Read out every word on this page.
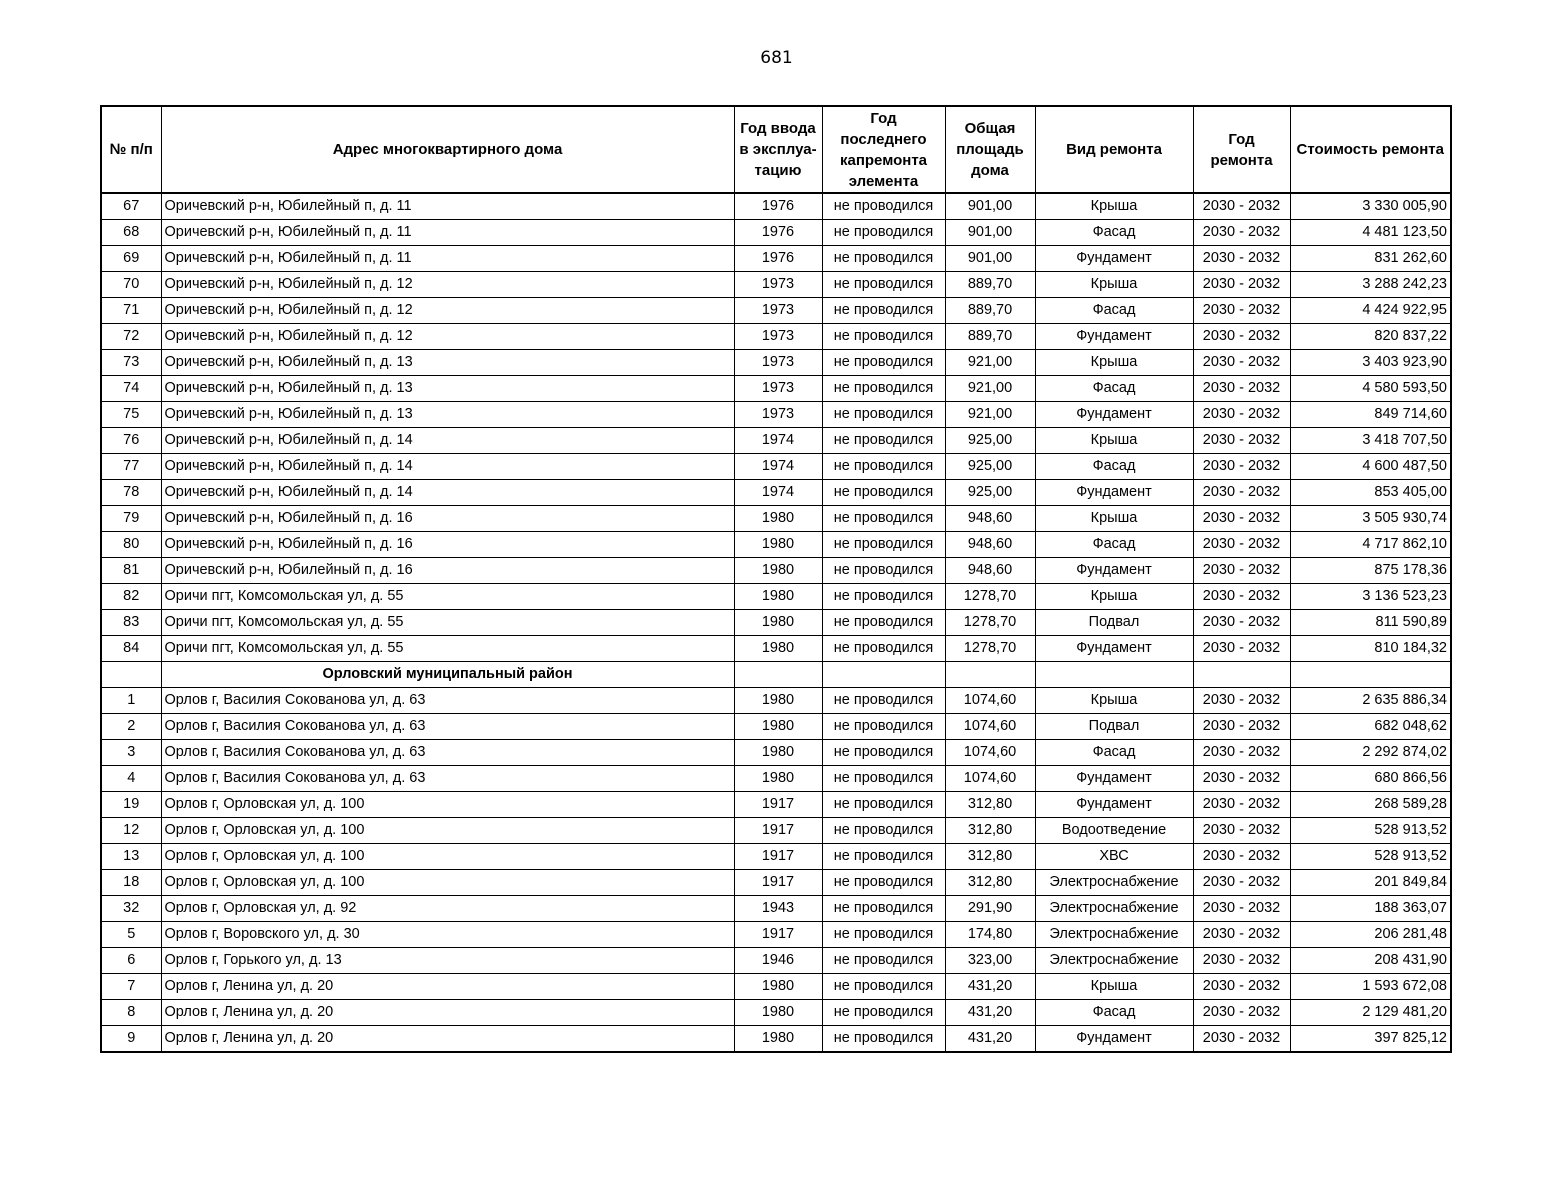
681
№ п/п	Адрес многоквартирного дома	Год ввода в эксплуа-тацию	Год последнего капремонта элемента	Общая площадь дома	Вид ремонта	Год ремонта	Стоимость ремонта
67	Оричевский р-н, Юбилейный п, д. 11	1976	не проводился	901,00	Крыша	2030 - 2032	3 330 005,90
68	Оричевский р-н, Юбилейный п, д. 11	1976	не проводился	901,00	Фасад	2030 - 2032	4 481 123,50
69	Оричевский р-н, Юбилейный п, д. 11	1976	не проводился	901,00	Фундамент	2030 - 2032	831 262,60
70	Оричевский р-н, Юбилейный п, д. 12	1973	не проводился	889,70	Крыша	2030 - 2032	3 288 242,23
71	Оричевский р-н, Юбилейный п, д. 12	1973	не проводился	889,70	Фасад	2030 - 2032	4 424 922,95
72	Оричевский р-н, Юбилейный п, д. 12	1973	не проводился	889,70	Фундамент	2030 - 2032	820 837,22
73	Оричевский р-н, Юбилейный п, д. 13	1973	не проводился	921,00	Крыша	2030 - 2032	3 403 923,90
74	Оричевский р-н, Юбилейный п, д. 13	1973	не проводился	921,00	Фасад	2030 - 2032	4 580 593,50
75	Оричевский р-н, Юбилейный п, д. 13	1973	не проводился	921,00	Фундамент	2030 - 2032	849 714,60
76	Оричевский р-н, Юбилейный п, д. 14	1974	не проводился	925,00	Крыша	2030 - 2032	3 418 707,50
77	Оричевский р-н, Юбилейный п, д. 14	1974	не проводился	925,00	Фасад	2030 - 2032	4 600 487,50
78	Оричевский р-н, Юбилейный п, д. 14	1974	не проводился	925,00	Фундамент	2030 - 2032	853 405,00
79	Оричевский р-н, Юбилейный п, д. 16	1980	не проводился	948,60	Крыша	2030 - 2032	3 505 930,74
80	Оричевский р-н, Юбилейный п, д. 16	1980	не проводился	948,60	Фасад	2030 - 2032	4 717 862,10
81	Оричевский р-н, Юбилейный п, д. 16	1980	не проводился	948,60	Фундамент	2030 - 2032	875 178,36
82	Оричи пгт, Комсомольская ул, д. 55	1980	не проводился	1278,70	Крыша	2030 - 2032	3 136 523,23
83	Оричи пгт, Комсомольская ул, д. 55	1980	не проводился	1278,70	Подвал	2030 - 2032	811 590,89
84	Оричи пгт, Комсомольская ул, д. 55	1980	не проводился	1278,70	Фундамент	2030 - 2032	810 184,32
	Орловский муниципальный район						
1	Орлов г, Василия Сокованова ул, д. 63	1980	не проводился	1074,60	Крыша	2030 - 2032	2 635 886,34
2	Орлов г, Василия Сокованова ул, д. 63	1980	не проводился	1074,60	Подвал	2030 - 2032	682 048,62
3	Орлов г, Василия Сокованова ул, д. 63	1980	не проводился	1074,60	Фасад	2030 - 2032	2 292 874,02
4	Орлов г, Василия Сокованова ул, д. 63	1980	не проводился	1074,60	Фундамент	2030 - 2032	680 866,56
19	Орлов г, Орловская ул, д. 100	1917	не проводился	312,80	Фундамент	2030 - 2032	268 589,28
12	Орлов г, Орловская ул, д. 100	1917	не проводился	312,80	Водоотведение	2030 - 2032	528 913,52
13	Орлов г, Орловская ул, д. 100	1917	не проводился	312,80	ХВС	2030 - 2032	528 913,52
18	Орлов г, Орловская ул, д. 100	1917	не проводился	312,80	Электроснабжение	2030 - 2032	201 849,84
32	Орлов г, Орловская ул, д. 92	1943	не проводился	291,90	Электроснабжение	2030 - 2032	188 363,07
5	Орлов г, Воровского ул, д. 30	1917	не проводился	174,80	Электроснабжение	2030 - 2032	206 281,48
6	Орлов г, Горького ул, д. 13	1946	не проводился	323,00	Электроснабжение	2030 - 2032	208 431,90
7	Орлов г, Ленина ул, д. 20	1980	не проводился	431,20	Крыша	2030 - 2032	1 593 672,08
8	Орлов г, Ленина ул, д. 20	1980	не проводился	431,20	Фасад	2030 - 2032	2 129 481,20
9	Орлов г, Ленина ул, д. 20	1980	не проводился	431,20	Фундамент	2030 - 2032	397 825,12
